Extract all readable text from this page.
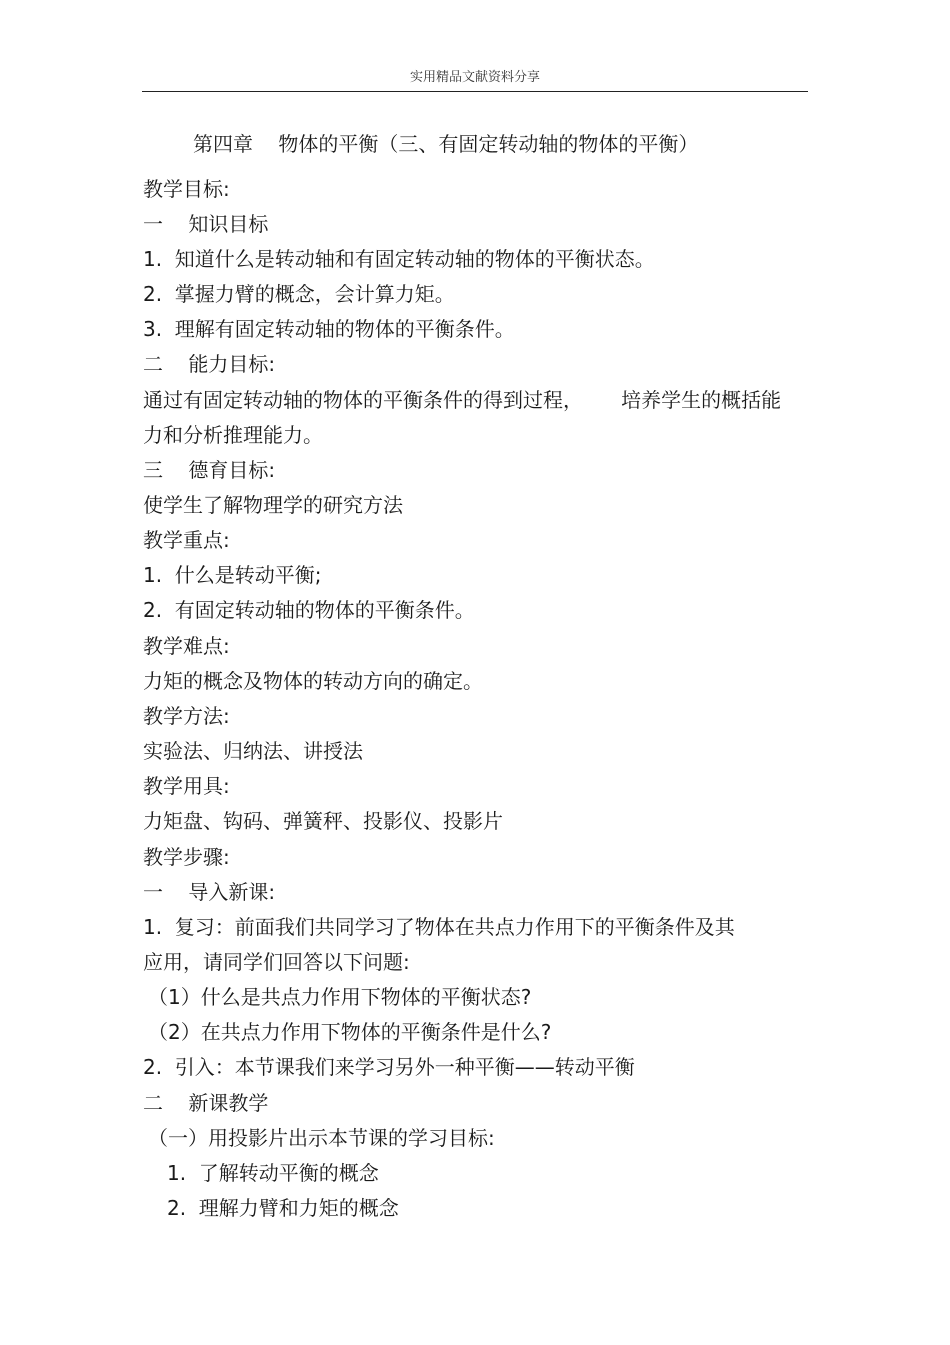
实用精品文献资料分享
第四章    物体的平衡（三、有固定转动轴的物体的平衡）
教学目标:
一    知识目标
1.  知道什么是转动轴和有固定转动轴的物体的平衡状态。
2.  掌握力臂的概念，会计算力矩。
3.  理解有固定转动轴的物体的平衡条件。
二    能力目标:
通过有固定转动轴的物体的平衡条件的得到过程，      培养学生的概括能
力和分析推理能力。
三    德育目标:
使学生了解物理学的研究方法
教学重点:
1.  什么是转动平衡;
2.  有固定转动轴的物体的平衡条件。
教学难点:
力矩的概念及物体的转动方向的确定。
教学方法:
实验法、归纳法、讲授法
教学用具:
力矩盘、钩码、弹簧秤、投影仪、投影片
教学步骤:
一    导入新课:
1.  复习：前面我们共同学习了物体在共点力作用下的平衡条件及其
应用，请同学们回答以下问题:
（1）什么是共点力作用下物体的平衡状态?
（2）在共点力作用下物体的平衡条件是什么?
2.  引入：本节课我们来学习另外一种平衡——转动平衡
二    新课教学
（一）用投影片出示本节课的学习目标:
1.  了解转动平衡的概念
2.  理解力臂和力矩的概念
